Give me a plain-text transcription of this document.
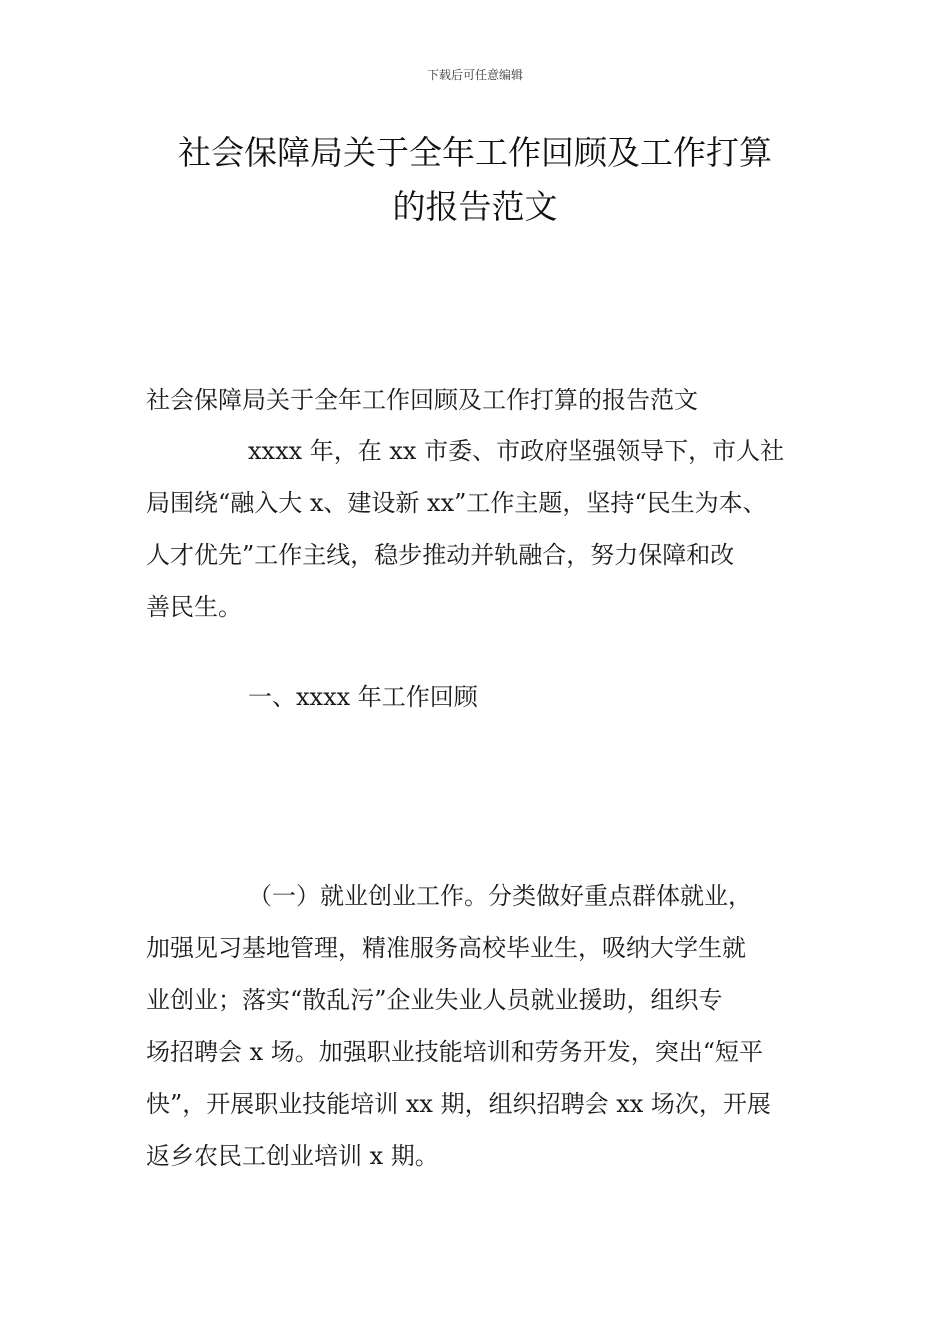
下载后可任意编辑
社会保障局关于全年工作回顾及工作打算
的报告范文
社会保障局关于全年工作回顾及工作打算的报告范文
xxxx 年，在 xx 市委、市政府坚强领导下，市人社
局围绕“融入大 x、建设新 xx”工作主题，坚持“民生为本、
人才优先”工作主线，稳步推动并轨融合，努力保障和改
善民生。
一、xxxx 年工作回顾
（一）就业创业工作。分类做好重点群体就业，
加强见习基地管理，精准服务高校毕业生，吸纳大学生就
业创业；落实“散乱污”企业失业人员就业援助，组织专
场招聘会 x 场。加强职业技能培训和劳务开发，突出“短平
快”，开展职业技能培训 xx 期，组织招聘会 xx 场次，开展
返乡农民工创业培训 x 期。
